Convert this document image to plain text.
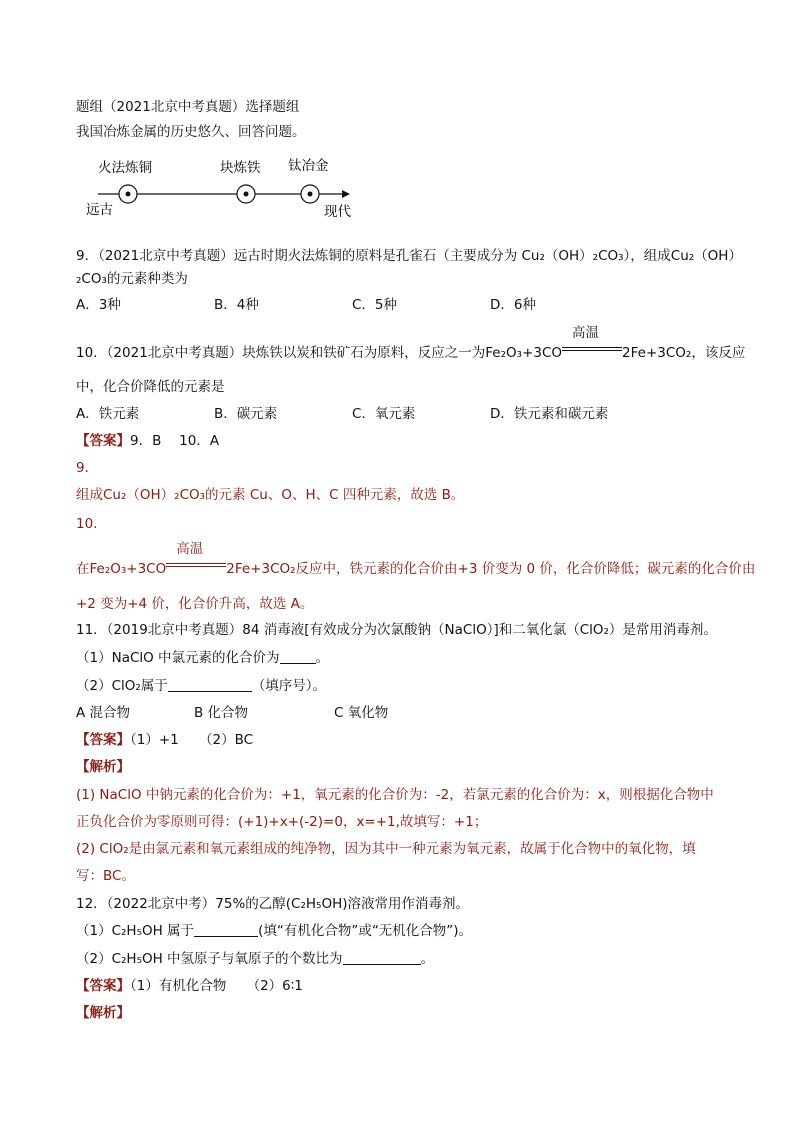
题组（2021北京中考真题）选择题组
我国冶炼金属的历史悠久、回答问题。
火法炼铜	块炼铁 钛冶金
远古	现代
9．（2021北京中考真题）远古时期火法炼铜的原料是孔雀石（主要成分为 Cu₂（OH）₂CO₃），组成Cu₂（OH）
₂CO₃的元素种类为
A．3种	B．4种	C．5种	D．6种
10．（2021北京中考真题）块炼铁以炭和铁矿石为原料，反应之一为Fe₂O₃+3CO
高温
2Fe+3CO₂，该反应
中，化合价降低的元素是
A．铁元素	B．碳元素	C．氧元素	D．铁元素和碳元素
【答案】9．B　 10．A
9．
组成Cu₂（OH）₂CO₃的元素 Cu、O、H、C 四种元素，故选 B。
10．
在Fe₂O₃+3CO
高温
2Fe+3CO₂反应中，铁元素的化合价由+3 价变为 0 价，化合价降低；碳元素的化合价由
+2 变为+4 价，化合价升高，故选 A。
11．（2019北京中考真题）84 消毒液[有效成分为次氯酸钠（NaClO）]和二氧化氯（ClO₂）是常用消毒剂。
（1）NaClO 中氯元素的化合价为	。
（2）ClO₂属于	（填序号）。
A 混合物	B 化合物	C 氧化物
【答案】（1）+1　　（2）BC
【解析】
(1) NaClO 中钠元素的化合价为：+1，氧元素的化合价为：-2，若氯元素的化合价为：x，则根据化合物中
正负化合价为零原则可得：(+1)+x+(-2)=0，x=+1,故填写：+1；
(2) ClO₂是由氯元素和氧元素组成的纯净物，因为其中一种元素为氧元素，故属于化合物中的氧化物，填
写：BC。
12．（2022北京中考）75%的乙醇(C₂H₅OH)溶液常用作消毒剂。
（1）C₂H₅OH 属于	(填“有机化合物”或“无机化合物”)。
（2）C₂H₅OH 中氢原子与氧原子的个数比为	。
【答案】（1）有机化合物　　（2）6∶1
【解析】
